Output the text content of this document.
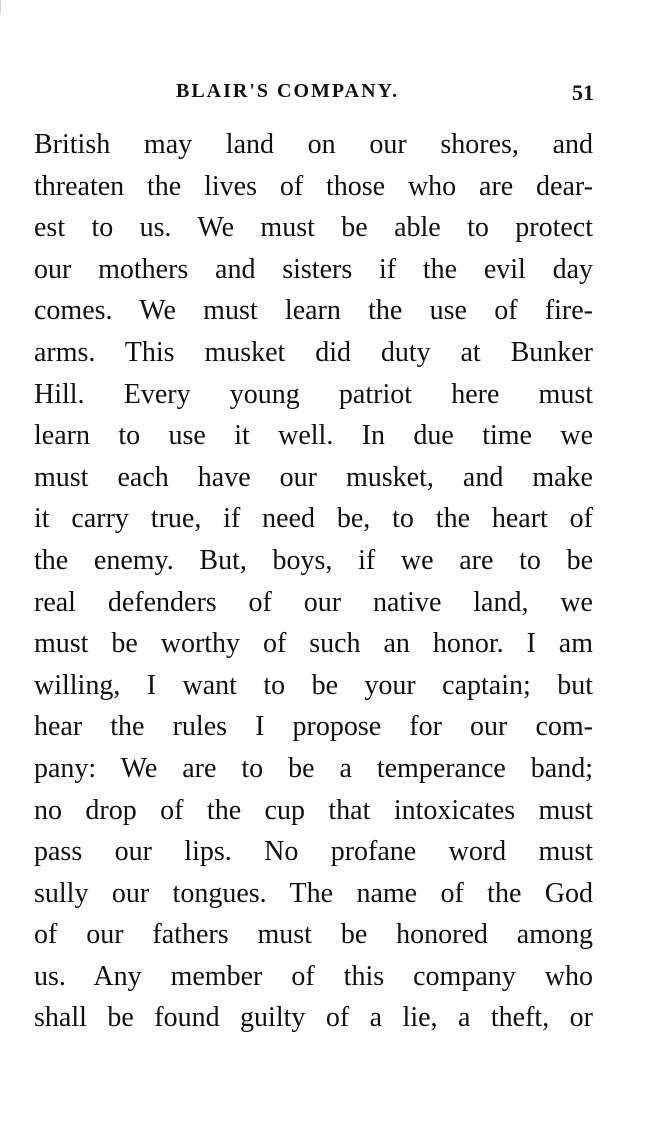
BLAIR'S COMPANY.	51
British may land on our shores, and
threaten the lives of those who are dear-
est to us. We must be able to protect
our mothers and sisters if the evil day
comes. We must learn the use of fire-
arms. This musket did duty at Bunker
Hill. Every young patriot here must
learn to use it well. In due time we
must each have our musket, and make
it carry true, if need be, to the heart of
the enemy. But, boys, if we are to be
real defenders of our native land, we
must be worthy of such an honor. I am
willing, I want to be your captain; but
hear the rules I propose for our com-
pany: We are to be a temperance band;
no drop of the cup that intoxicates must
pass our lips. No profane word must
sully our tongues. The name of the God
of our fathers must be honored among
us. Any member of this company who
shall be found guilty of a lie, a theft, or
